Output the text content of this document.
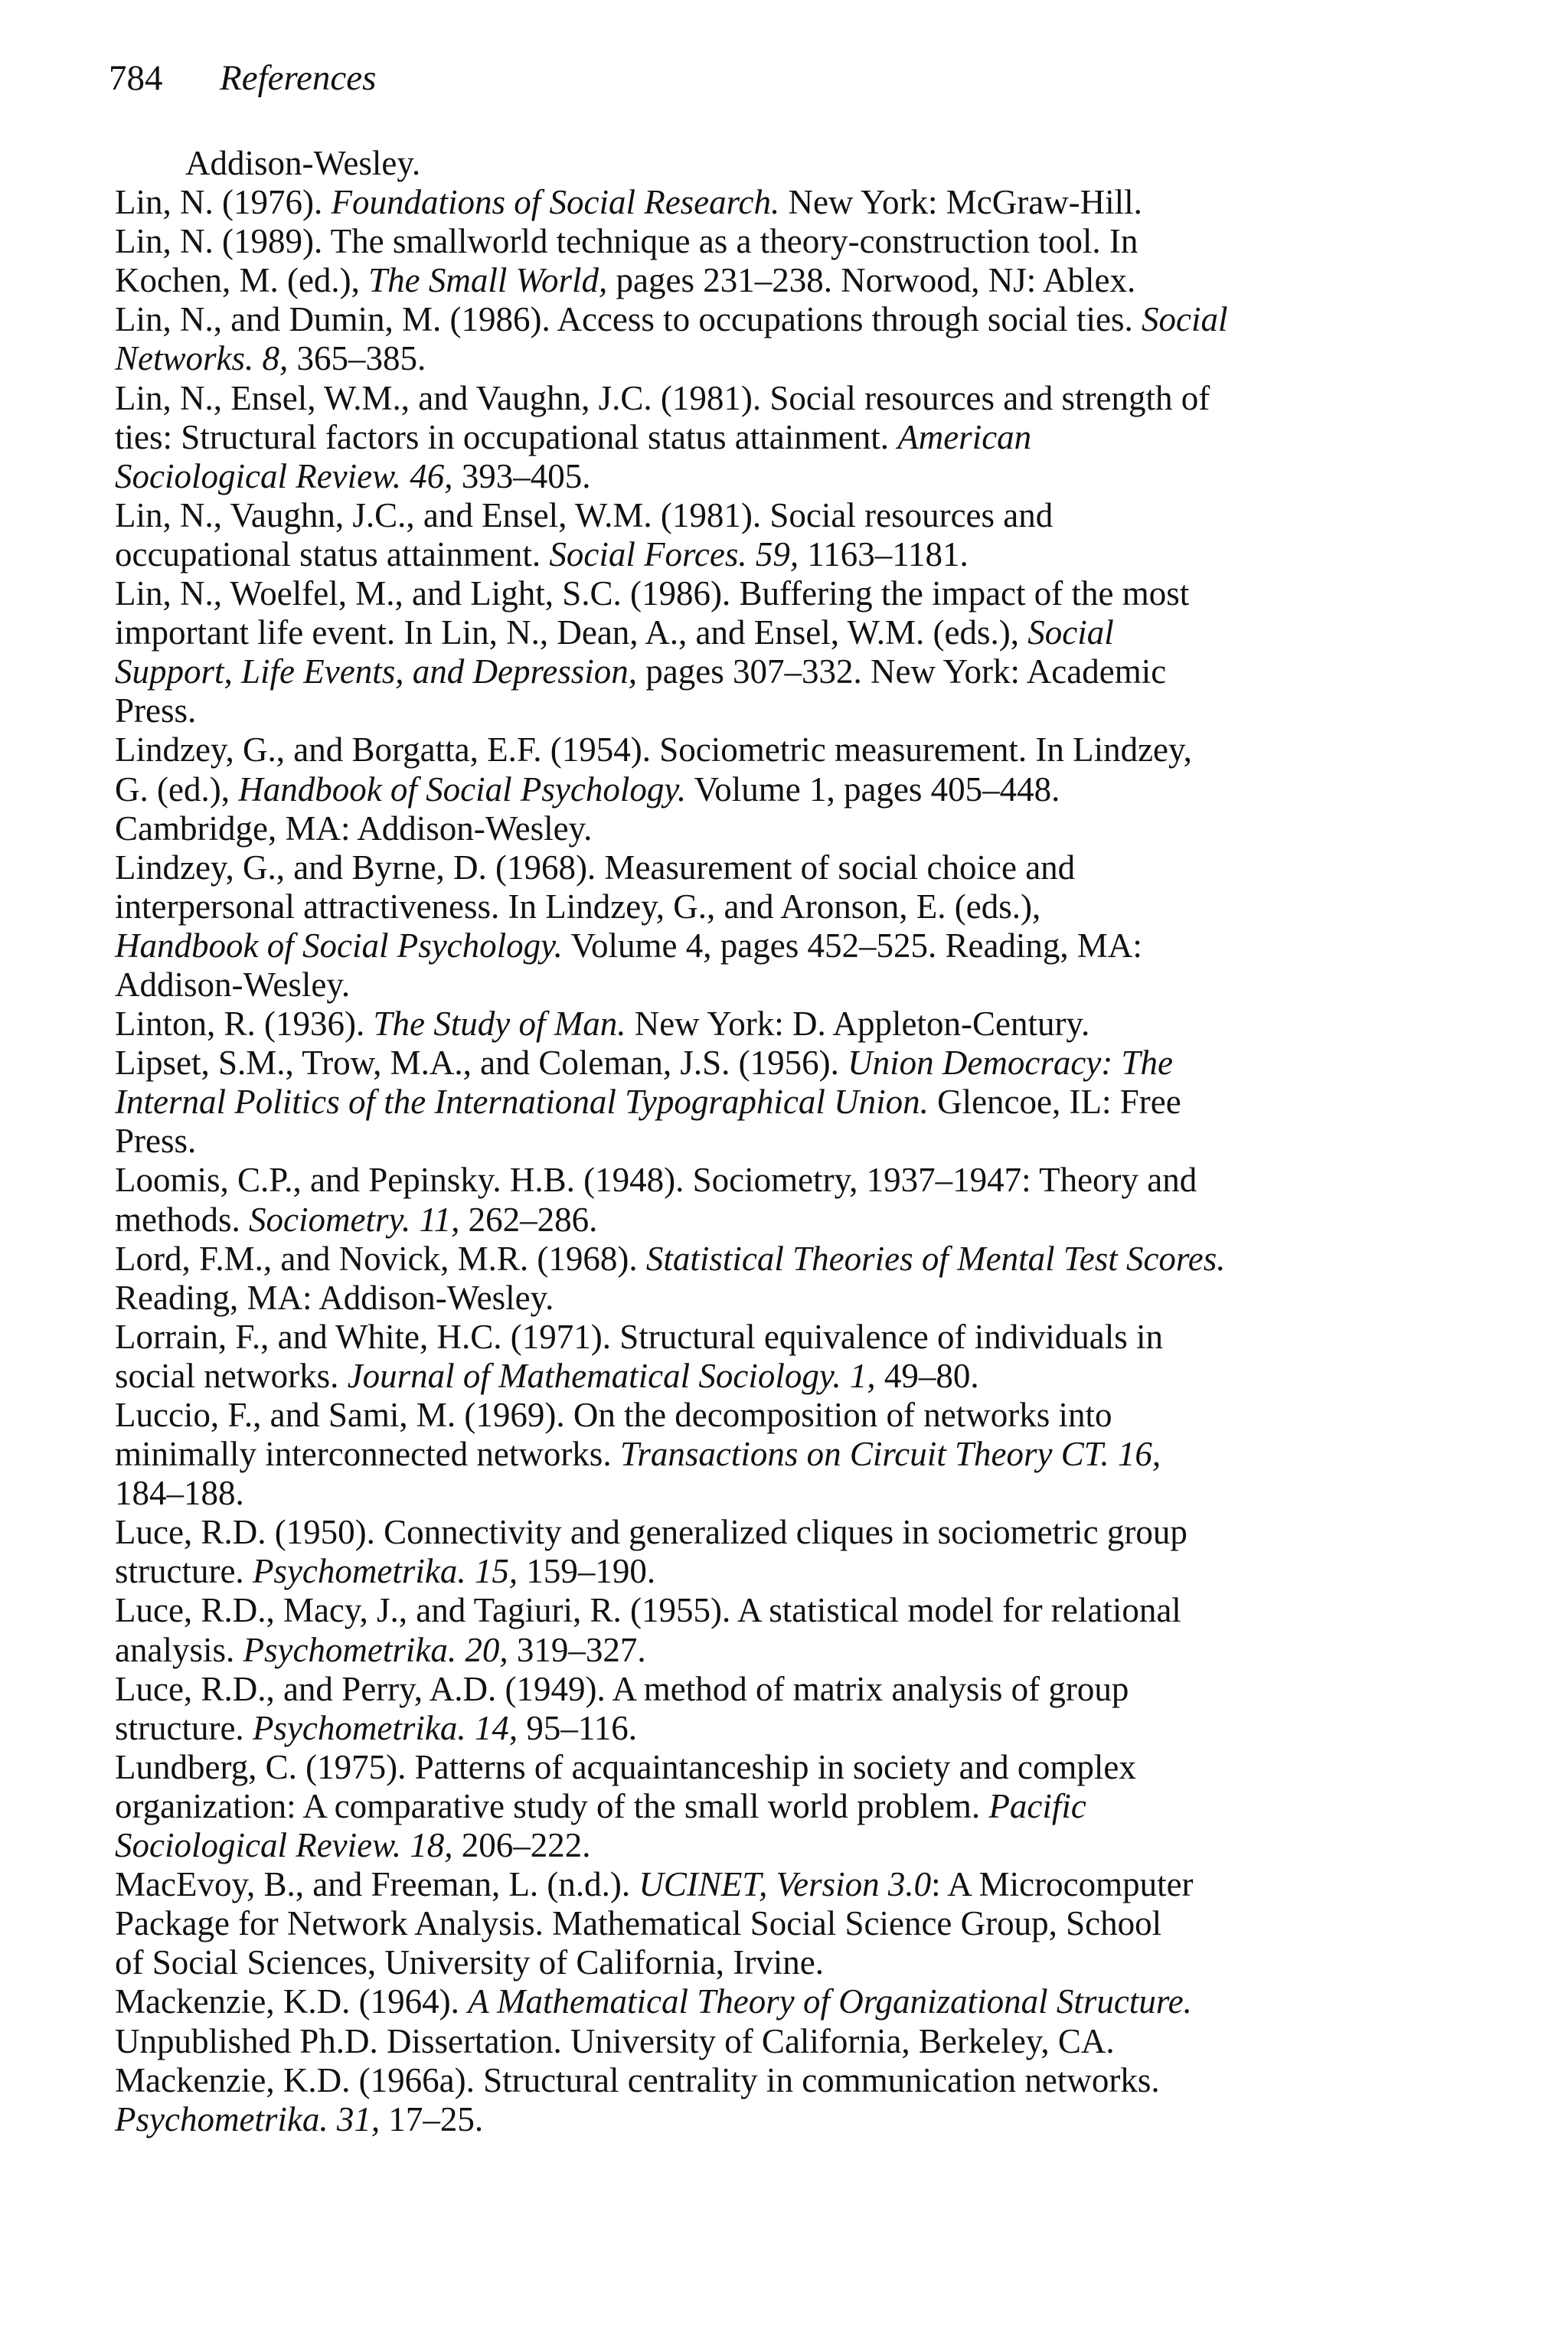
784 References
Addison-Wesley.
Lin, N. (1976). Foundations of Social Research. New York: McGraw-Hill.
Lin, N. (1989). The smallworld technique as a theory-construction tool. In
Kochen, M. (ed.), The Small World, pages 231–238. Norwood, NJ: Ablex.
Lin, N., and Dumin, M. (1986). Access to occupations through social ties. Social
Networks. 8, 365–385.
Lin, N., Ensel, W.M., and Vaughn, J.C. (1981). Social resources and strength of
ties: Structural factors in occupational status attainment. American
Sociological Review. 46, 393–405.
Lin, N., Vaughn, J.C., and Ensel, W.M. (1981). Social resources and
occupational status attainment. Social Forces. 59, 1163–1181.
Lin, N., Woelfel, M., and Light, S.C. (1986). Buffering the impact of the most
important life event. In Lin, N., Dean, A., and Ensel, W.M. (eds.), Social
Support, Life Events, and Depression, pages 307–332. New York: Academic
Press.
Lindzey, G., and Borgatta, E.F. (1954). Sociometric measurement. In Lindzey,
G. (ed.), Handbook of Social Psychology. Volume 1, pages 405–448.
Cambridge, MA: Addison-Wesley.
Lindzey, G., and Byrne, D. (1968). Measurement of social choice and
interpersonal attractiveness. In Lindzey, G., and Aronson, E. (eds.),
Handbook of Social Psychology. Volume 4, pages 452–525. Reading, MA:
Addison-Wesley.
Linton, R. (1936). The Study of Man. New York: D. Appleton-Century.
Lipset, S.M., Trow, M.A., and Coleman, J.S. (1956). Union Democracy: The
Internal Politics of the International Typographical Union. Glencoe, IL: Free
Press.
Loomis, C.P., and Pepinsky. H.B. (1948). Sociometry, 1937–1947: Theory and
methods. Sociometry. 11, 262–286.
Lord, F.M., and Novick, M.R. (1968). Statistical Theories of Mental Test Scores.
Reading, MA: Addison-Wesley.
Lorrain, F., and White, H.C. (1971). Structural equivalence of individuals in
social networks. Journal of Mathematical Sociology. 1, 49–80.
Luccio, F., and Sami, M. (1969). On the decomposition of networks into
minimally interconnected networks. Transactions on Circuit Theory CT. 16,
184–188.
Luce, R.D. (1950). Connectivity and generalized cliques in sociometric group
structure. Psychometrika. 15, 159–190.
Luce, R.D., Macy, J., and Tagiuri, R. (1955). A statistical model for relational
analysis. Psychometrika. 20, 319–327.
Luce, R.D., and Perry, A.D. (1949). A method of matrix analysis of group
structure. Psychometrika. 14, 95–116.
Lundberg, C. (1975). Patterns of acquaintanceship in society and complex
organization: A comparative study of the small world problem. Pacific
Sociological Review. 18, 206–222.
MacEvoy, B., and Freeman, L. (n.d.). UCINET, Version 3.0: A Microcomputer
Package for Network Analysis. Mathematical Social Science Group, School
of Social Sciences, University of California, Irvine.
Mackenzie, K.D. (1964). A Mathematical Theory of Organizational Structure.
Unpublished Ph.D. Dissertation. University of California, Berkeley, CA.
Mackenzie, K.D. (1966a). Structural centrality in communication networks.
Psychometrika. 31, 17–25.
